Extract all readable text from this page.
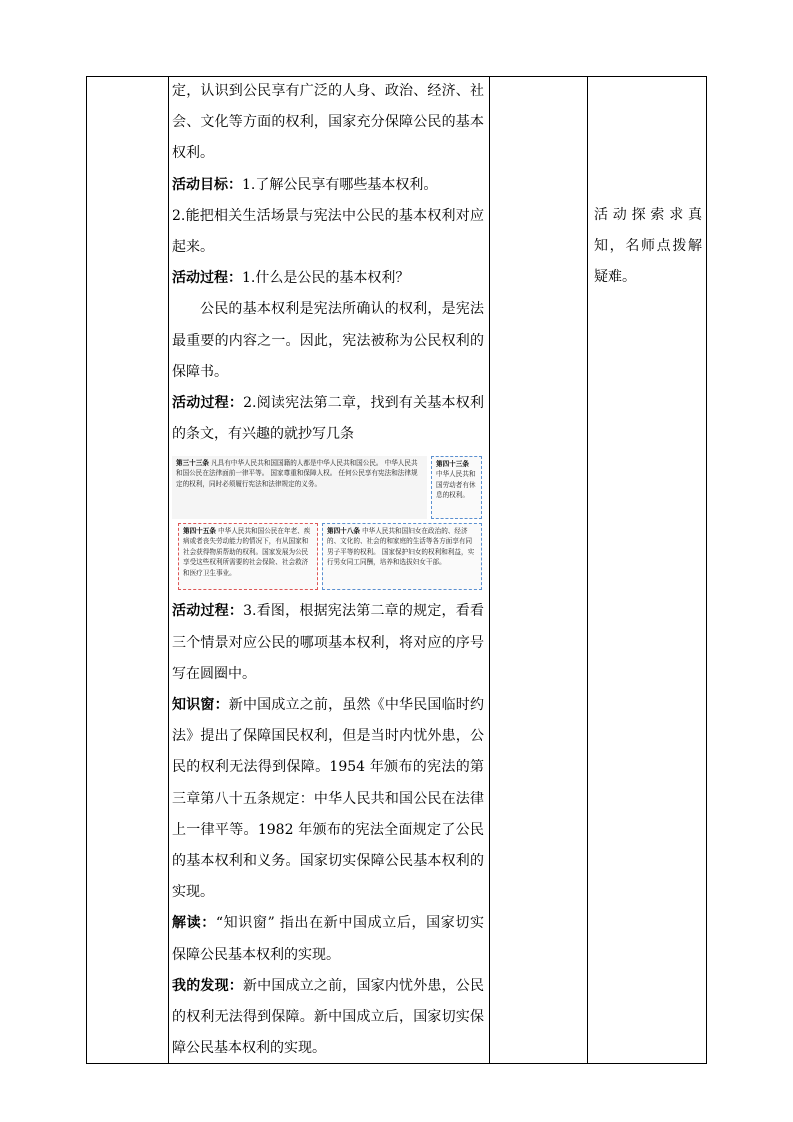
定，认识到公民享有广泛的人身、政治、经济、社会、文化等方面的权利，国家充分保障公民的基本权利。

活动目标：1.了解公民享有哪些基本权利。

2.能把相关生活场景与宪法中公民的基本权利对应起来。

活动过程：1.什么是公民的基本权利？

公民的基本权利是宪法所确认的权利，是宪法最重要的内容之一。因此，宪法被称为公民权利的保障书。

活动过程：2.阅读宪法第二章，找到有关基本权利的条文，有兴趣的就抄写几条

活动过程：3.看图，根据宪法第二章的规定，看看三个情景对应公民的哪项基本权利，将对应的序号写在圆圈中。

知识窗：新中国成立之前，虽然《中华民国临时约法》提出了保障国民权利，但是当时内忧外患，公民的权利无法得到保障。1954 年颁布的宪法的第三章第八十五条规定：中华人民共和国公民在法律上一律平等。1982 年颁布的宪法全面规定了公民的基本权利和义务。国家切实保障公民基本权利的实现。

解读：“知识窗” 指出在新中国成立后，国家切实保障公民基本权利的实现。

我的发现：新中国成立之前，国家内忧外患，公民的权利无法得到保障。新中国成立后，国家切实保障公民基本权利的实现。

第三十三条 凡具有中华人民共和国国籍的人都是中华人民共和国公民。 中华人民共和国公民在法律面前一律平等。 国家尊重和保障人权。 任何公民享有宪法和法律规定的权利，同时必须履行宪法和法律规定的义务。
第四十三条 中华人民共和国劳动者有休息的权利。
第四十五条 中华人民共和国公民在年老、疾病或者丧失劳动能力的情况下，有从国家和社会获得物质帮助的权利。国家发展为公民享受这些权利所需要的社会保险、社会救济和医疗卫生事业。
第四十八条 中华人民共和国妇女在政治的、经济的、文化的、社会的和家庭的生活等各方面享有同男子平等的权利。 国家保护妇女的权利和利益，实行男女同工同酬，培养和选拔妇女干部。
活动探索求真知，名师点拨解疑难。
